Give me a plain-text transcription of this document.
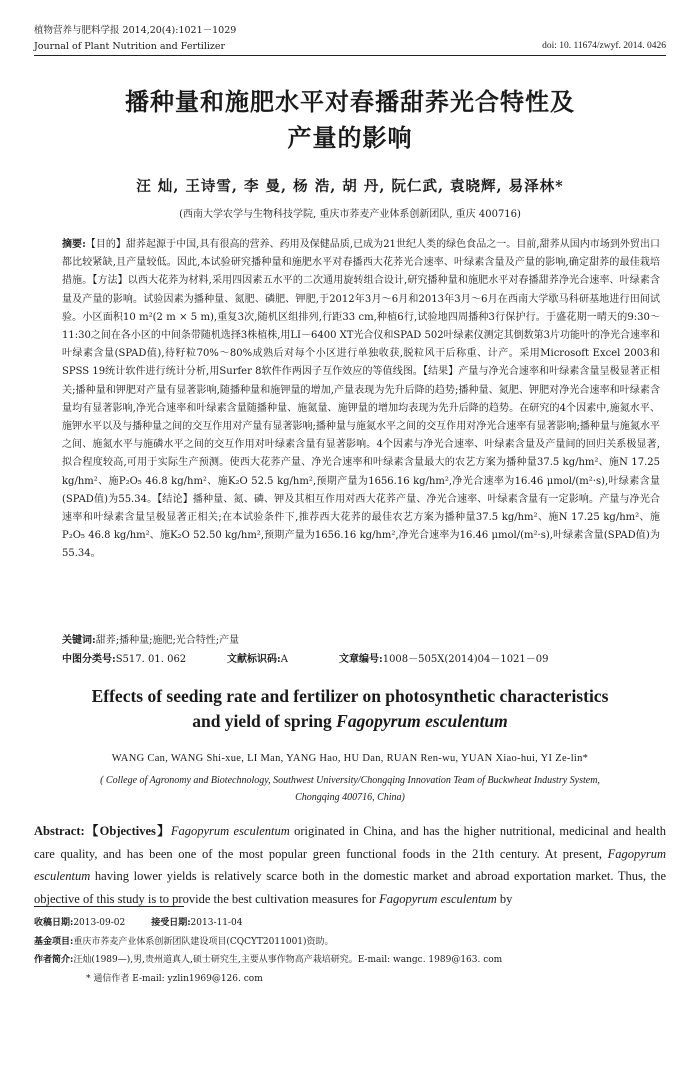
植物营养与肥料学报 2014,20(4):1021－1029
Journal of Plant Nutrition and Fertilizer	doi: 10. 11674/zwyf. 2014. 0426
播种量和施肥水平对春播甜荞光合特性及
产量的影响
汪 灿, 王诗雪, 李 曼, 杨 浩, 胡 丹, 阮仁武, 袁晓辉, 易泽林*
(西南大学农学与生物科技学院, 重庆市荞麦产业体系创新团队, 重庆 400716)
摘要:【目的】甜荞起源于中国,具有很高的营养、药用及保健品质,已成为21世纪人类的绿色食品之一。目前,甜荞从国内市场到外贸出口都比较紧缺,且产量较低。因此,本试验研究播种量和施肥水平对春播西大花荞光合速率、叶绿素含量及产量的影响,确定甜荞的最佳栽培措施。【方法】以西大花荞为材料,采用四因素五水平的二次通用旋转组合设计,研究播种量和施肥水平对春播甜荞净光合速率、叶绿素含量及产量的影响。试验因素为播种量、氮肥、磷肥、钾肥,于2012年3月～6月和2013年3月～6月在西南大学歇马科研基地进行田间试验。小区面积10 m²(2 m × 5 m),重复3次,随机区组排列,行距33 cm,种植6行,试验地四周播种3行保护行。于盛花期一晴天的9:30～11:30之间在各小区的中间条带随机选择3株植株,用LI－6400 XT光合仪和SPAD 502叶绿素仪测定其倒数第3片功能叶的净光合速率和叶绿素含量(SPAD值),待籽粒70%～80%成熟后对每个小区进行单独收获,脱粒风干后称重、计产。采用Microsoft Excel 2003和SPSS 19统计软件进行统计分析,用Surfer 8软件作两因子互作效应的等值线图。【结果】产量与净光合速率和叶绿素含量呈极显著正相关;播种量和钾肥对产量有显著影响,随播种量和施钾量的增加,产量表现为先升后降的趋势;播种量、氮肥、钾肥对净光合速率和叶绿素含量均有显著影响,净光合速率和叶绿素含量随播种量、施氮量、施钾量的增加均表现为先升后降的趋势。在研究的4个因素中,施氮水平、施钾水平以及与播种量之间的交互作用对产量有显著影响;播种量与施氮水平之间的交互作用对净光合速率有显著影响;播种量与施氮水平之间、施氮水平与施磷水平之间的交互作用对叶绿素含量有显著影响。4个因素与净光合速率、叶绿素含量及产量间的回归关系极显著,拟合程度较高,可用于实际生产预测。使西大花荞产量、净光合速率和叶绿素含量最大的农艺方案为播种量37.5 kg/hm²、施N 17.25 kg/hm²、施P₂O₅ 46.8 kg/hm²、施K₂O 52.5 kg/hm²,预期产量为1656.16 kg/hm²,净光合速率为16.46 μmol/(m²·s),叶绿素含量(SPAD值)为55.34。【结论】播种量、氮、磷、钾及其相互作用对西大花荞产量、净光合速率、叶绿素含量有一定影响。产量与净光合速率和叶绿素含量呈极显著正相关;在本试验条件下,推荐西大花荞的最佳农艺方案为播种量37.5 kg/hm²、施N 17.25 kg/hm²、施P₂O₅ 46.8 kg/hm²、施K₂O 52.50 kg/hm²,预期产量为1656.16 kg/hm²,净光合速率为16.46 μmol/(m²·s),叶绿素含量(SPAD值)为55.34。
关键词:甜荞;播种量;施肥;光合特性;产量
中图分类号:S517. 01. 062	文献标识码:A	文章编号:1008－505X(2014)04－1021－09
Effects of seeding rate and fertilizer on photosynthetic characteristics
and yield of spring Fagopyrum esculentum
WANG Can, WANG Shi-xue, LI Man, YANG Hao, HU Dan, RUAN Ren-wu, YUAN Xiao-hui, YI Ze-lin*
( College of Agronomy and Biotechnology, Southwest University/Chongqing Innovation Team of Buckwheat Industry System,
Chongqing 400716, China)
Abstract:【Objectives】Fagopyrum esculentum originated in China, and has the higher nutritional, medicinal and health care quality, and has been one of the most popular green functional foods in the 21th century. At present, Fagopyrum esculentum having lower yields is relatively scarce both in the domestic market and abroad exportation market. Thus, the objective of this study is to provide the best cultivation measures for Fagopyrum esculentum by
收稿日期:2013-09-02	接受日期:2013-11-04
基金项目:重庆市荞麦产业体系创新团队建设项目(CQCYT2011001)资助。
作者简介:汪灿(1989—),男,贵州道真人,硕士研究生,主要从事作物高产栽培研究。E-mail: wangc. 1989@163. com
* 通信作者 E-mail: yzlin1969@126. com
